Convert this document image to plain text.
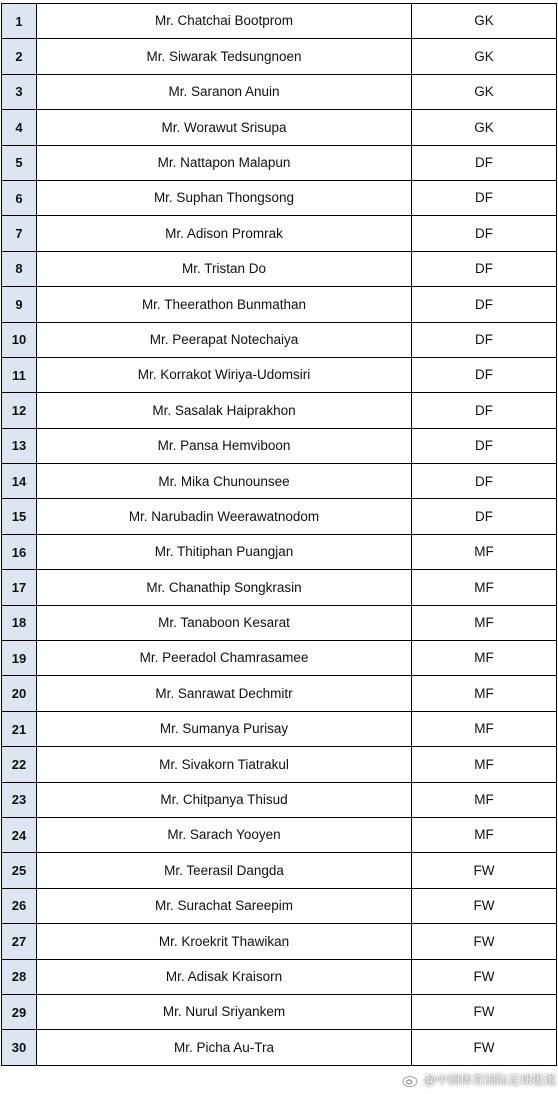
1	Mr. Chatchai Bootprom	GK
2	Mr. Siwarak Tedsungnoen	GK
3	Mr. Saranon Anuin	GK
4	Mr. Worawut Srisupa	GK
5	Mr. Nattapon Malapun	DF
6	Mr. Suphan Thongsong	DF
7	Mr. Adison Promrak	DF
8	Mr. Tristan Do	DF
9	Mr. Theerathon Bunmathan	DF
10	Mr. Peerapat Notechaiya	DF
11	Mr. Korrakot Wiriya-Udomsiri	DF
12	Mr. Sasalak Haiprakhon	DF
13	Mr. Pansa Hemviboon	DF
14	Mr. Mika Chunounsee	DF
15	Mr. Narubadin Weerawatnodom	DF
16	Mr. Thitiphan Puangjan	MF
17	Mr. Chanathip Songkrasin	MF
18	Mr. Tanaboon Kesarat	MF
19	Mr. Peeradol Chamrasamee	MF
20	Mr. Sanrawat Dechmitr	MF
21	Mr. Sumanya Purisay	MF
22	Mr. Sivakorn Tiatrakul	MF
23	Mr. Chitpanya Thisud	MF
24	Mr. Sarach Yooyen	MF
25	Mr. Teerasil Dangda	FW
26	Mr. Surachat Sareepim	FW
27	Mr. Kroekrit Thawikan	FW
28	Mr. Adisak Kraisorn	FW
29	Mr. Nurul Sriyankem	FW
30	Mr. Picha Au-Tra	FW
@中国体育国际足球报道
